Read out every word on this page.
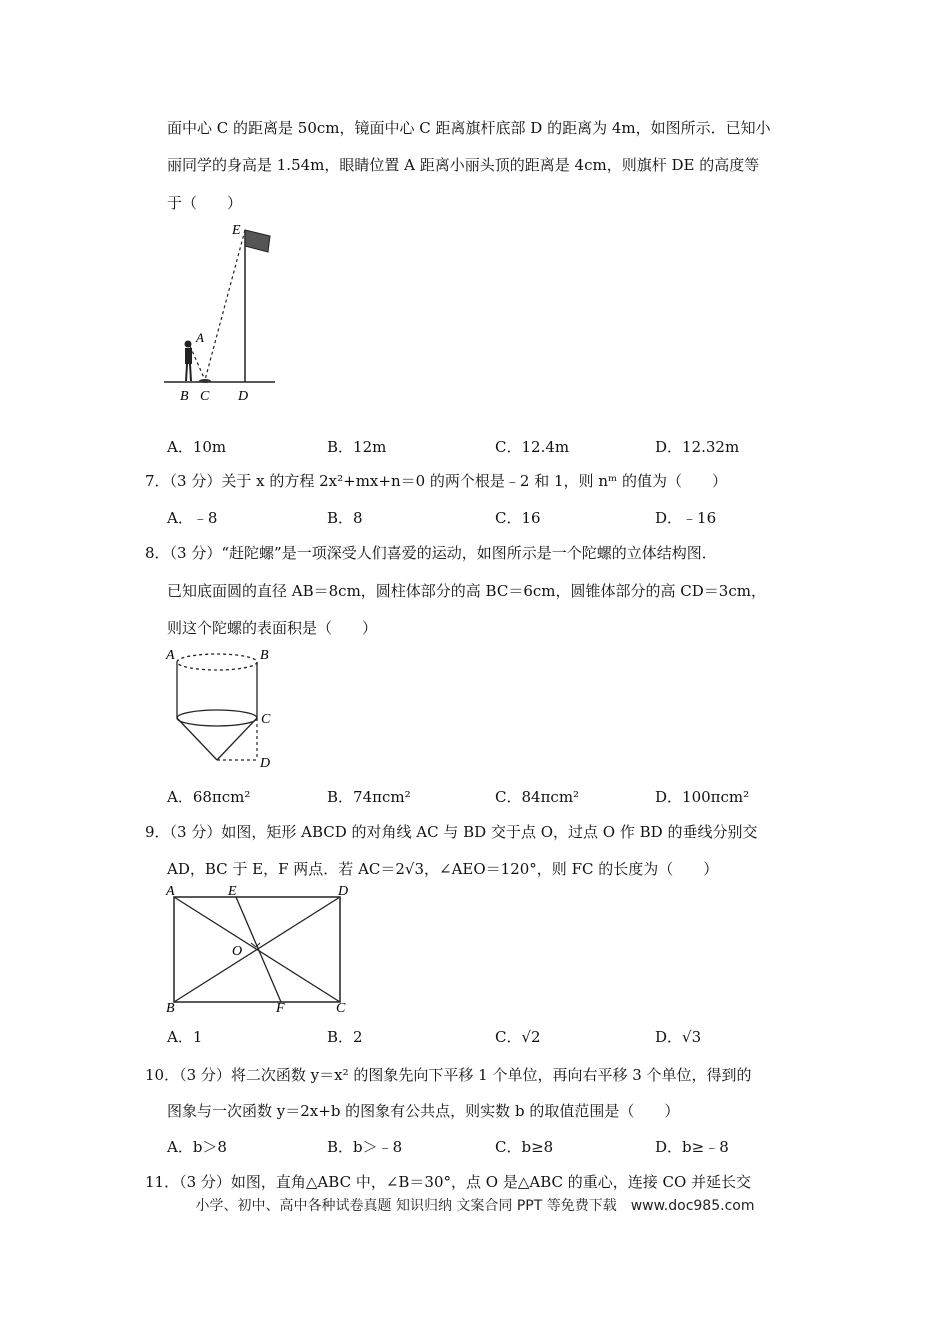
面中心 C 的距离是 50cm，镜面中心 C 距离旗杆底部 D 的距离为 4m，如图所示．已知小
丽同学的身高是 1.54m，眼睛位置 A 距离小丽头顶的距离是 4cm，则旗杆 DE 的高度等
于（　　）
E
A
B C D
A．10m	B．12m	C．12.4m	D．12.32m
7．（3 分）关于 x 的方程 2x²+mx+n＝0 的两个根是﹣2 和 1，则 nᵐ 的值为（　　）
A．﹣8	B．8	C．16	D．﹣16
8．（3 分）“赶陀螺”是一项深受人们喜爱的运动，如图所示是一个陀螺的立体结构图．
已知底面圆的直径 AB＝8cm，圆柱体部分的高 BC＝6cm，圆锥体部分的高 CD＝3cm，
则这个陀螺的表面积是（　　）
A	B
C
D
A．68πcm²	B．74πcm²	C．84πcm²	D．100πcm²
9．（3 分）如图，矩形 ABCD 的对角线 AC 与 BD 交于点 O，过点 O 作 BD 的垂线分别交
AD，BC 于 E，F 两点．若 AC＝2√3，∠AEO＝120°，则 FC 的长度为（　　）
A	E	D
O
B	F	C
A．1	B．2	C．√2	D．√3
10．（3 分）将二次函数 y＝x² 的图象先向下平移 1 个单位，再向右平移 3 个单位，得到的
图象与一次函数 y＝2x+b 的图象有公共点，则实数 b 的取值范围是（　　）
A．b＞8	B．b＞﹣8	C．b≥8	D．b≥﹣8
11．（3 分）如图，直角△ABC 中，∠B＝30°，点 O 是△ABC 的重心，连接 CO 并延长交
小学、初中、高中各种试卷真题 知识归纳 文案合同 PPT 等免费下载　www.doc985.com
